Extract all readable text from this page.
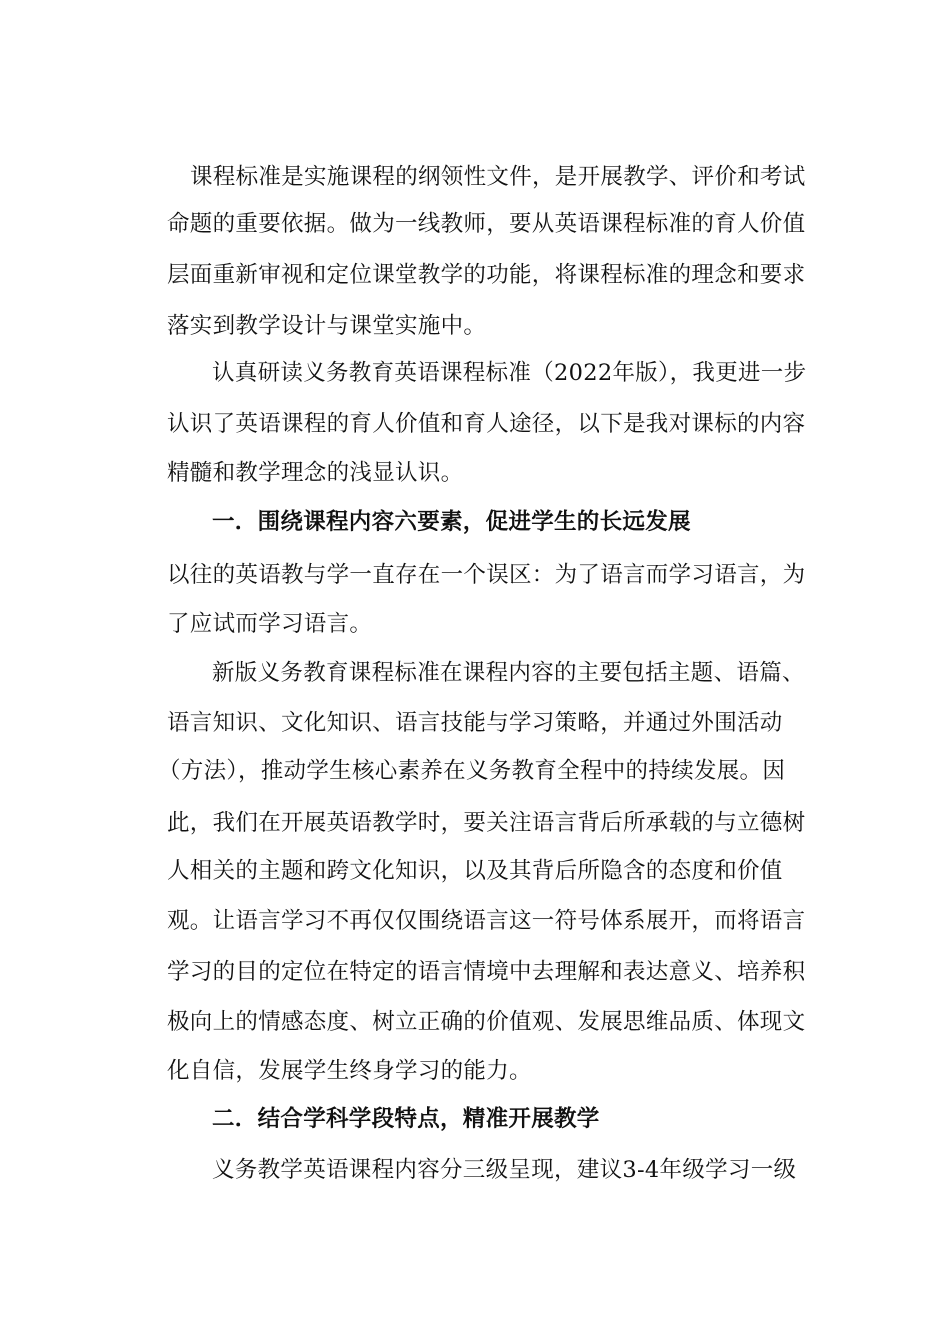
课程标准是实施课程的纲领性文件，是开展教学、评价和考试
命题的重要依据。做为一线教师，要从英语课程标准的育人价值
层面重新审视和定位课堂教学的功能，将课程标准的理念和要求
落实到教学设计与课堂实施中。
认真研读义务教育英语课程标准（2022年版），我更进一步
认识了英语课程的育人价值和育人途径，以下是我对课标的内容
精髓和教学理念的浅显认识。
一．围绕课程内容六要素，促进学生的长远发展
以往的英语教与学一直存在一个误区：为了语言而学习语言，为
了应试而学习语言。
新版义务教育课程标准在课程内容的主要包括主题、语篇、
语言知识、文化知识、语言技能与学习策略，并通过外围活动
（方法），推动学生核心素养在义务教育全程中的持续发展。因
此，我们在开展英语教学时，要关注语言背后所承载的与立德树
人相关的主题和跨文化知识，以及其背后所隐含的态度和价值
观。让语言学习不再仅仅围绕语言这一符号体系展开，而将语言
学习的目的定位在特定的语言情境中去理解和表达意义、培养积
极向上的情感态度、树立正确的价值观、发展思维品质、体现文
化自信，发展学生终身学习的能力。
二．结合学科学段特点，精准开展教学
义务教学英语课程内容分三级呈现，建议3-4年级学习一级
